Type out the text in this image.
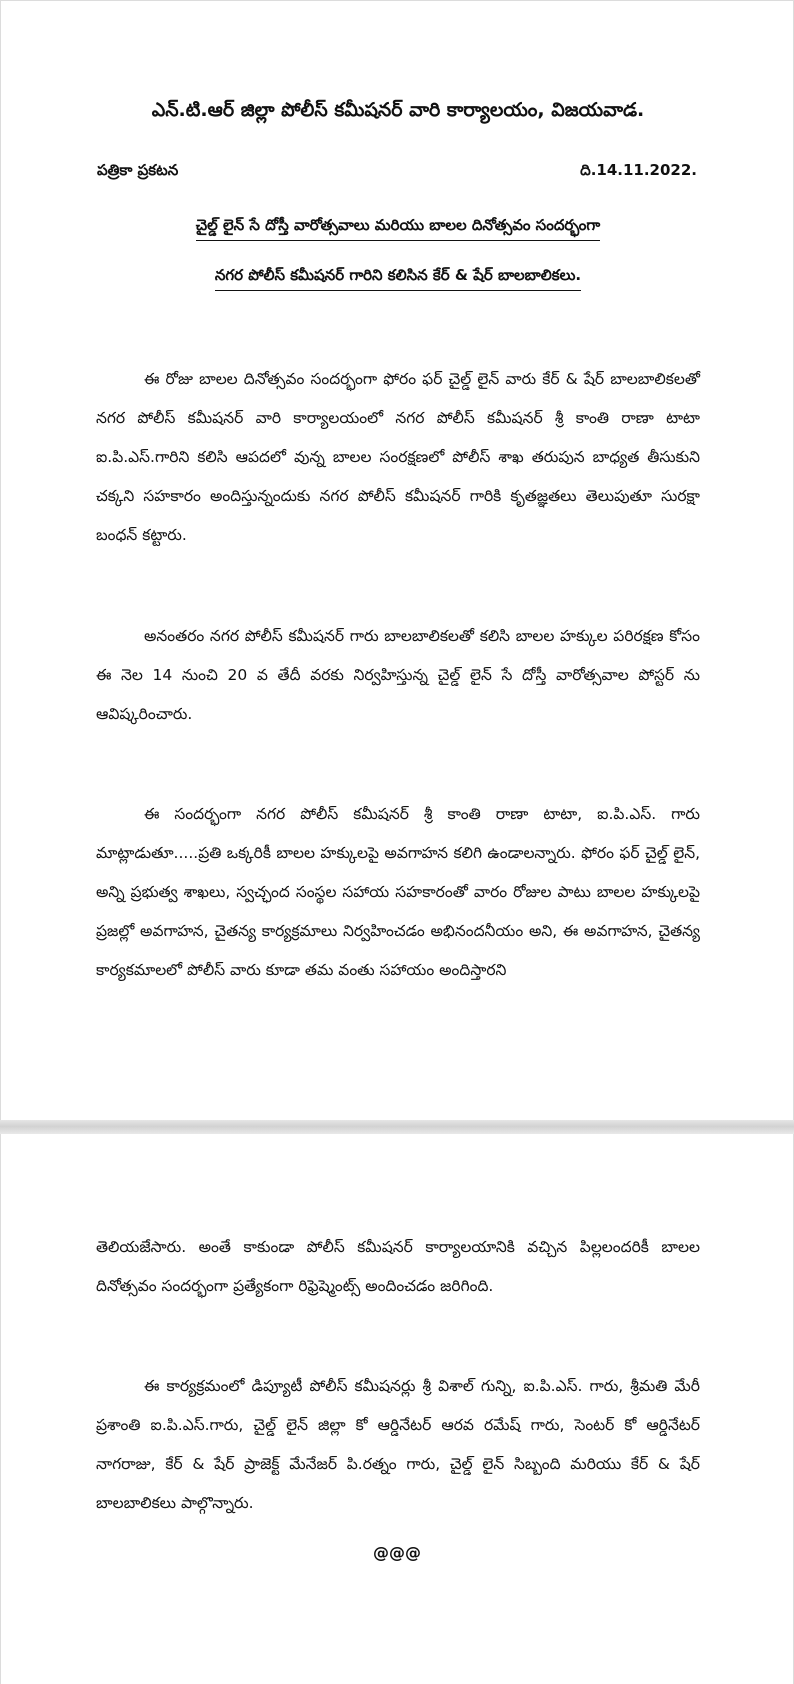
ఎన్.టి.ఆర్ జిల్లా పోలీస్ కమీషనర్ వారి కార్యాలయం, విజయవాడ.
పత్రికా ప్రకటన	ది.14.11.2022.
చైల్డ్ లైన్ సే దోస్తీ వారోత్సవాలు మరియు బాలల దినోత్సవం సందర్భంగా
నగర పోలీస్ కమీషనర్ గారిని కలిసిన కేర్ & షేర్ బాలబాలికలు.

ఈ రోజు బాలల దినోత్సవం సందర్భంగా ఫోరం ఫర్ చైల్డ్ లైన్ వారు కేర్ & షేర్ బాలబాలికలతో నగర పోలీస్ కమీషనర్ వారి కార్యాలయంలో నగర పోలీస్ కమీషనర్ శ్రీ కాంతి రాణా టాటా ఐ.పి.ఎస్.గారిని కలిసి ఆపదలో వున్న బాలల సంరక్షణలో పోలీస్ శాఖ తరుపున బాధ్యత తీసుకుని చక్కని సహకారం అందిస్తున్నందుకు నగర పోలీస్ కమీషనర్ గారికి కృతజ్ఞతలు తెలుపుతూ సురక్షా బంధన్ కట్టారు.

అనంతరం నగర పోలీస్ కమీషనర్ గారు బాలబాలికలతో కలిసి బాలల హక్కుల పరిరక్షణ కోసం ఈ నెల 14 నుంచి 20 వ తేదీ వరకు నిర్వహిస్తున్న చైల్డ్ లైన్ సే దోస్తీ వారోత్సవాల పోస్టర్ ను ఆవిష్కరించారు.

ఈ సందర్భంగా నగర పోలీస్ కమీషనర్ శ్రీ కాంతి రాణా టాటా, ఐ.పి.ఎస్. గారు మాట్లాడుతూ.....ప్రతి ఒక్కరికీ బాలల హక్కులపై అవగాహన కలిగి ఉండాలన్నారు. ఫోరం ఫర్ చైల్డ్ లైన్, అన్ని ప్రభుత్వ శాఖలు, స్వచ్ఛంద సంస్థల సహాయ సహకారంతో వారం రోజుల పాటు బాలల హక్కులపై ప్రజల్లో అవగాహన, చైతన్య కార్యక్రమాలు నిర్వహించడం అభినందనీయం అని, ఈ అవగాహన, చైతన్య కార్యకమాలలో పోలీస్ వారు కూడా తమ వంతు సహాయం అందిస్తారని

తెలియజేసారు. అంతే కాకుండా పోలీస్ కమీషనర్ కార్యాలయానికి వచ్చిన పిల్లలందరికీ బాలల దినోత్సవం సందర్భంగా ప్రత్యేకంగా రిఫ్రెష్మెంట్స్ అందించడం జరిగింది.

ఈ కార్యక్రమంలో డిప్యూటీ పోలీస్ కమీషనర్లు శ్రీ విశాల్ గున్ని, ఐ.పి.ఎస్. గారు, శ్రీమతి మేరీ ప్రశాంతి ఐ.పి.ఎస్.గారు, చైల్డ్ లైన్ జిల్లా కో ఆర్డినేటర్ ఆరవ రమేష్ గారు, సెంటర్ కో ఆర్డినేటర్ నాగరాజు, కేర్ & షేర్ ప్రాజెక్ట్ మేనేజర్ పి.రత్నం గారు, చైల్డ్ లైన్ సిబ్బంది మరియు కేర్ & షేర్ బాలబాలికలు పాల్గొన్నారు.

@@@
